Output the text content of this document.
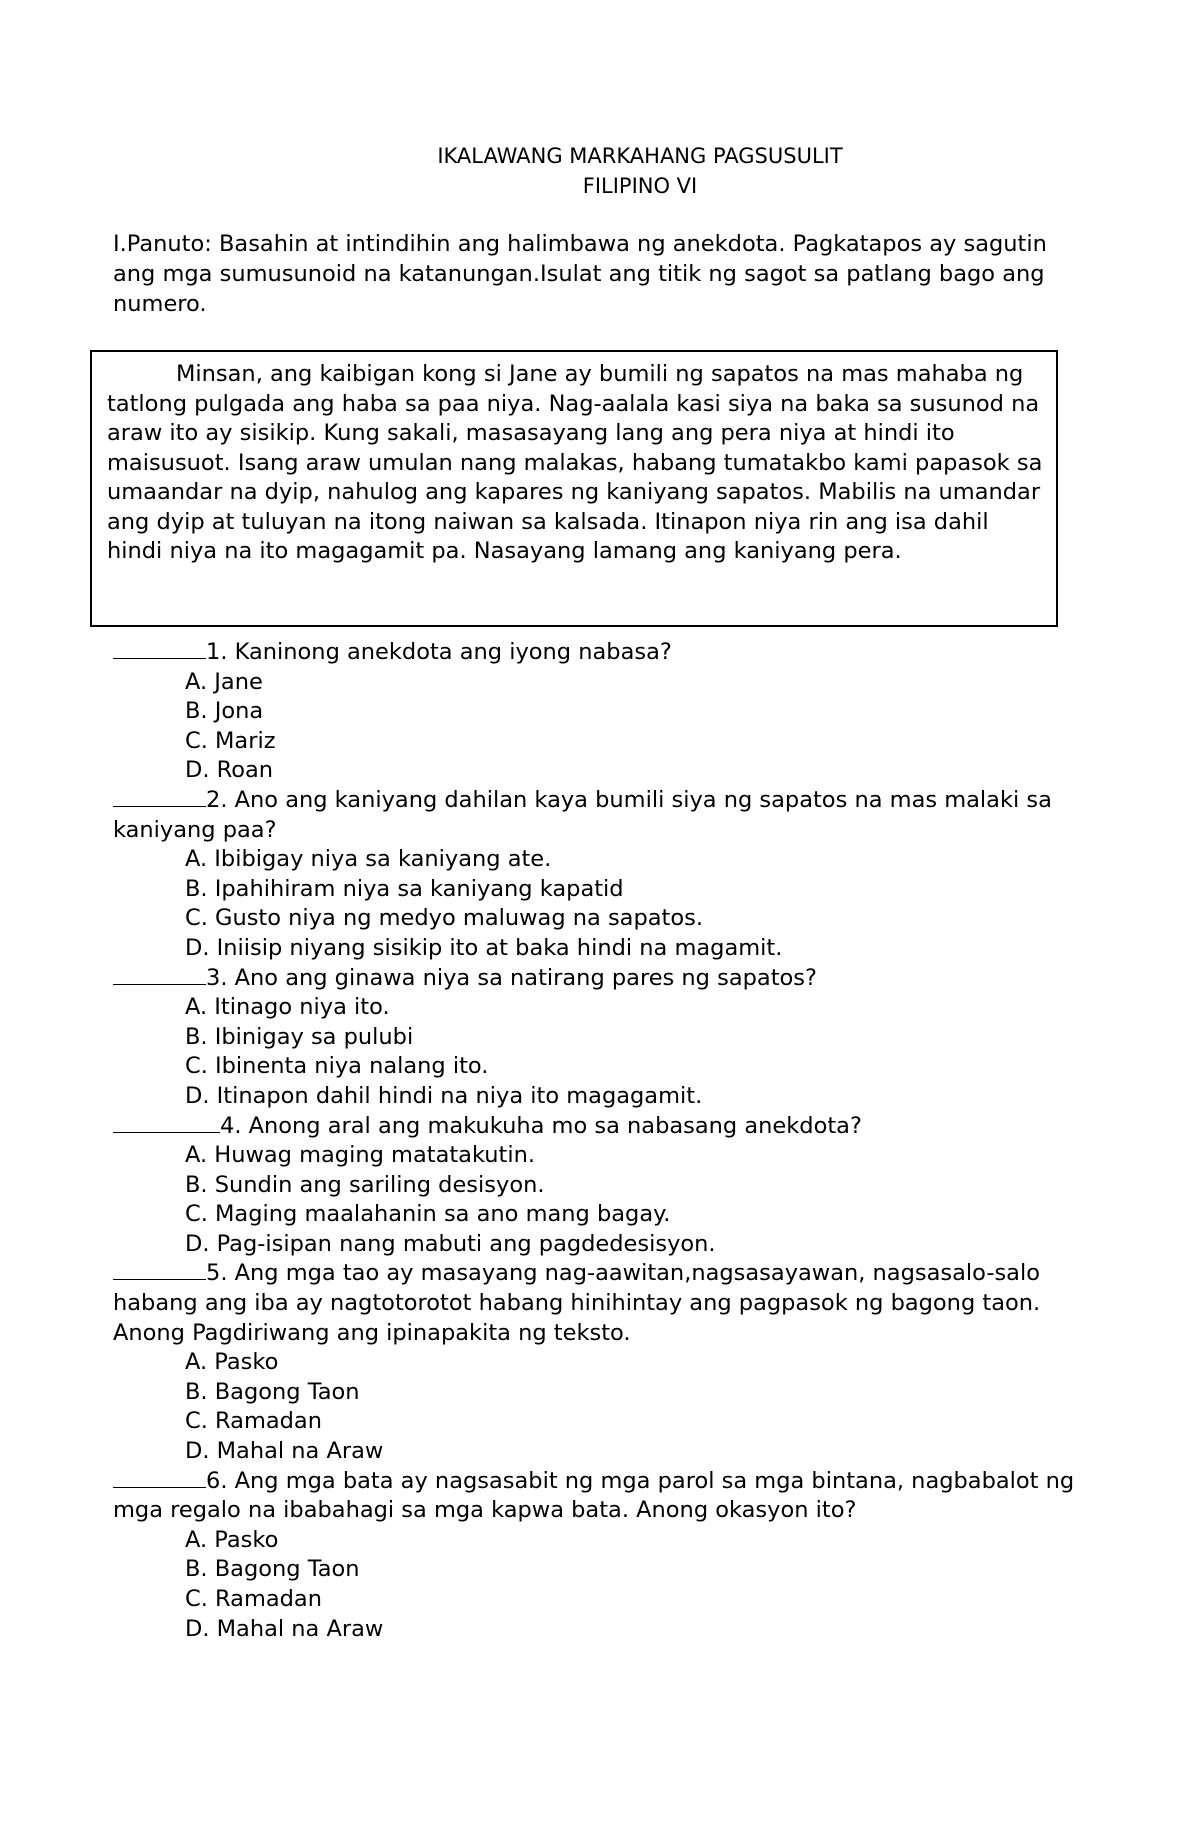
IKALAWANG MARKAHANG PAGSUSULIT
FILIPINO VI
I.Panuto: Basahin at intindihin ang halimbawa ng anekdota. Pagkatapos ay sagutin ang mga sumusunoid na katanungan.Isulat ang titik ng sagot sa patlang bago ang numero.
Minsan, ang kaibigan kong si Jane ay bumili ng sapatos na mas mahaba ng tatlong pulgada ang haba sa paa niya. Nag-aalala kasi siya na baka sa susunod na araw ito ay sisikip. Kung sakali, masasayang lang ang pera niya at hindi ito maisusuot. Isang araw umulan nang malakas, habang tumatakbo kami papasok sa umaandar na dyip, nahulog ang kapares ng kaniyang sapatos. Mabilis na umandar ang dyip at tuluyan na itong naiwan sa kalsada. Itinapon niya rin ang isa dahil hindi niya na ito magagamit pa. Nasayang lamang ang kaniyang pera.
1. Kaninong anekdota ang iyong nabasa?
A. Jane
B. Jona
C. Mariz
D. Roan
2. Ano ang kaniyang dahilan kaya bumili siya ng sapatos na mas malaki sa kaniyang paa?
A. Ibibigay niya sa kaniyang ate.
B. Ipahihiram niya sa kaniyang kapatid
C. Gusto niya ng medyo maluwag na sapatos.
D. Iniisip niyang sisikip ito at baka hindi na magamit.
3. Ano ang ginawa niya sa natirang pares ng sapatos?
A. Itinago niya ito.
B. Ibinigay sa pulubi
C. Ibinenta niya nalang ito.
D. Itinapon dahil hindi na niya ito magagamit.
4. Anong aral ang makukuha mo sa nabasang anekdota?
A. Huwag maging matatakutin.
B. Sundin ang sariling desisyon.
C. Maging maalahanin sa ano mang bagay.
D. Pag-isipan nang mabuti ang pagdedesisyon.
5. Ang mga tao ay masayang nag-aawitan,nagsasayawan, nagsasalo-salo habang ang iba ay nagtotorotot habang hinihintay ang pagpasok ng bagong taon. Anong Pagdiriwang ang ipinapakita ng teksto.
A. Pasko
B. Bagong Taon
C. Ramadan
D. Mahal na Araw
6. Ang mga bata ay nagsasabit ng mga parol sa mga bintana, nagbabalot ng mga regalo na ibabahagi sa mga kapwa bata. Anong okasyon ito?
A. Pasko
B. Bagong Taon
C. Ramadan
D. Mahal na Araw
